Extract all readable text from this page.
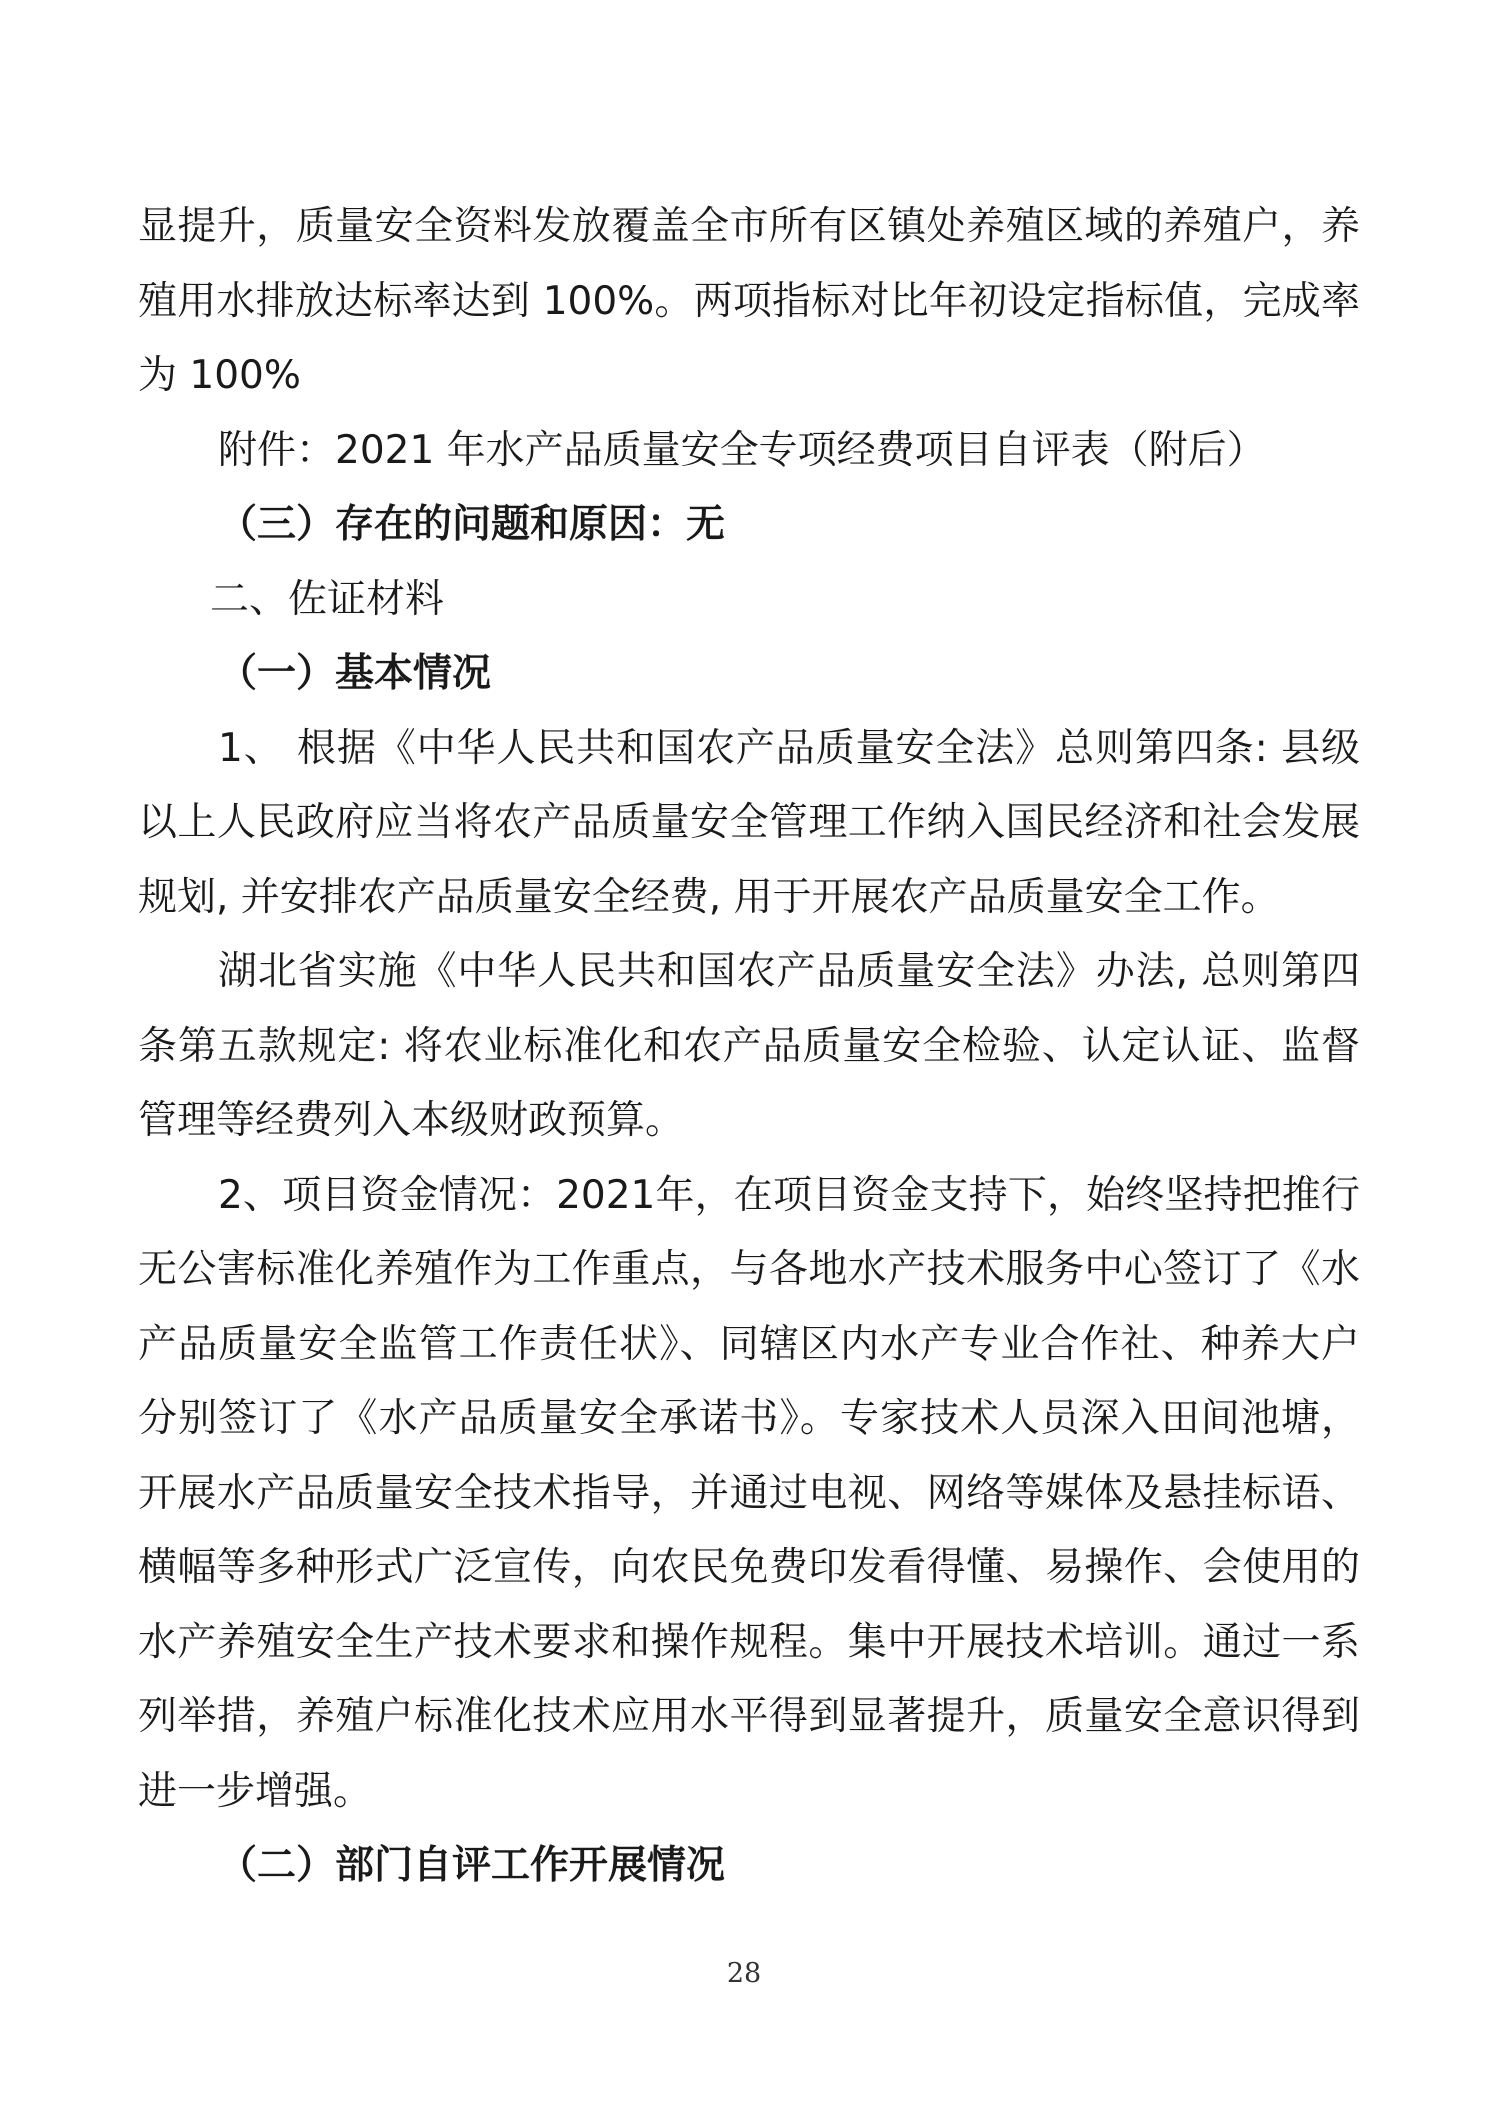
显提升，质量安全资料发放覆盖全市所有区镇处养殖区域的养殖户，养殖用水排放达标率达到 100%。两项指标对比年初设定指标值，完成率为 100%

附件：2021 年水产品质量安全专项经费项目自评表（附后）

（三）存在的问题和原因：无

二、佐证材料

（一）基本情况

1、 根据《中华人民共和国农产品质量安全法》总则第四条: 县级以上人民政府应当将农产品质量安全管理工作纳入国民经济和社会发展规划, 并安排农产品质量安全经费, 用于开展农产品质量安全工作。

湖北省实施《中华人民共和国农产品质量安全法》办法, 总则第四条第五款规定: 将农业标准化和农产品质量安全检验、认定认证、监督管理等经费列入本级财政预算。

2、项目资金情况：2021年，在项目资金支持下，始终坚持把推行无公害标准化养殖作为工作重点，与各地水产技术服务中心签订了《水产品质量安全监管工作责任状》、同辖区内水产专业合作社、种养大户分别签订了《水产品质量安全承诺书》。专家技术人员深入田间池塘，开展水产品质量安全技术指导，并通过电视、网络等媒体及悬挂标语、横幅等多种形式广泛宣传，向农民免费印发看得懂、易操作、会使用的水产养殖安全生产技术要求和操作规程。集中开展技术培训。通过一系列举措，养殖户标准化技术应用水平得到显著提升，质量安全意识得到进一步增强。

（二）部门自评工作开展情况

28
